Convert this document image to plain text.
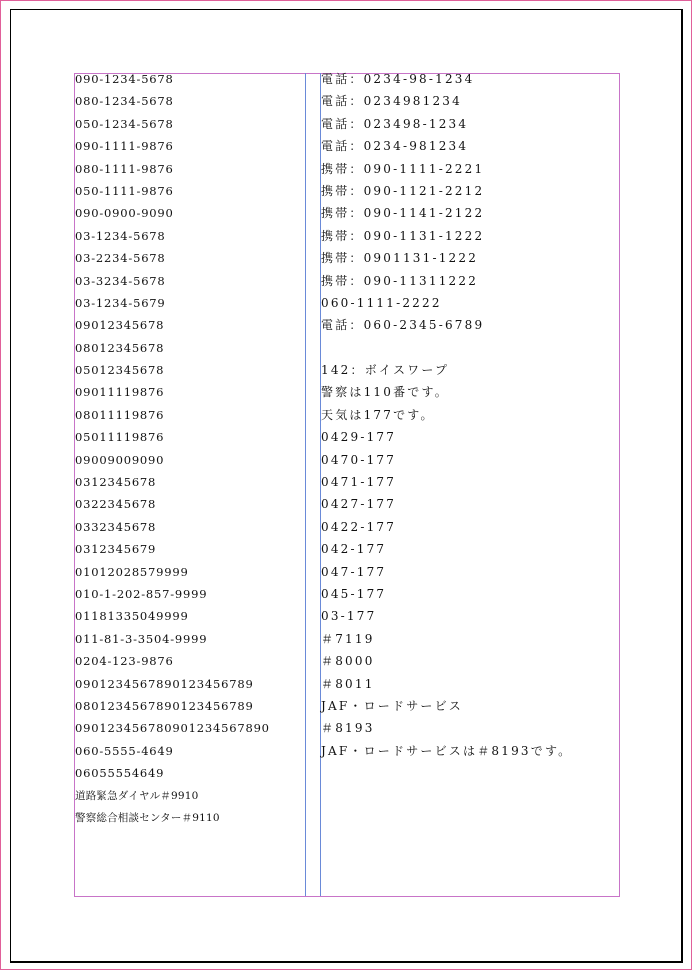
090-1234-5678
080-1234-5678
050-1234-5678
090-1111-9876
080-1111-9876
050-1111-9876
090-0900-9090
03-1234-5678
03-2234-5678
03-3234-5678
03-1234-5679
09012345678
08012345678
05012345678
09011119876
08011119876
05011119876
09009009090
0312345678
0322345678
0332345678
0312345679
01012028579999
010-1-202-857-9999
01181335049999
011-81-3-3504-9999
0204-123-9876
0901234567890123456789
0801234567890123456789
09012345678090123456789​0
060-5555-4649
06055554649
道路緊急ダイヤル＃9910
警察総合相談センター＃9110
電話：0234-98-1234
電話：0234981234
電話：023498-1234
電話：0234-981234
携帯：090-1111-2221
携帯：090-1121-2212
携帯：090-1141-2122
携帯：090-1131-1222
携帯：0901131-1222
携帯：090-11311222
060-1111-2222
電話：060-2345-6789
142：ボイスワープ
警察は110番です。
天気は177です。
0429-177
0470-177
0471-177
0427-177
0422-177
042-177
047-177
045-177
03-177
＃7119
＃8000
＃8011
JAF・ロードサービス
＃8193
JAF・ロードサービスは＃8193です。
